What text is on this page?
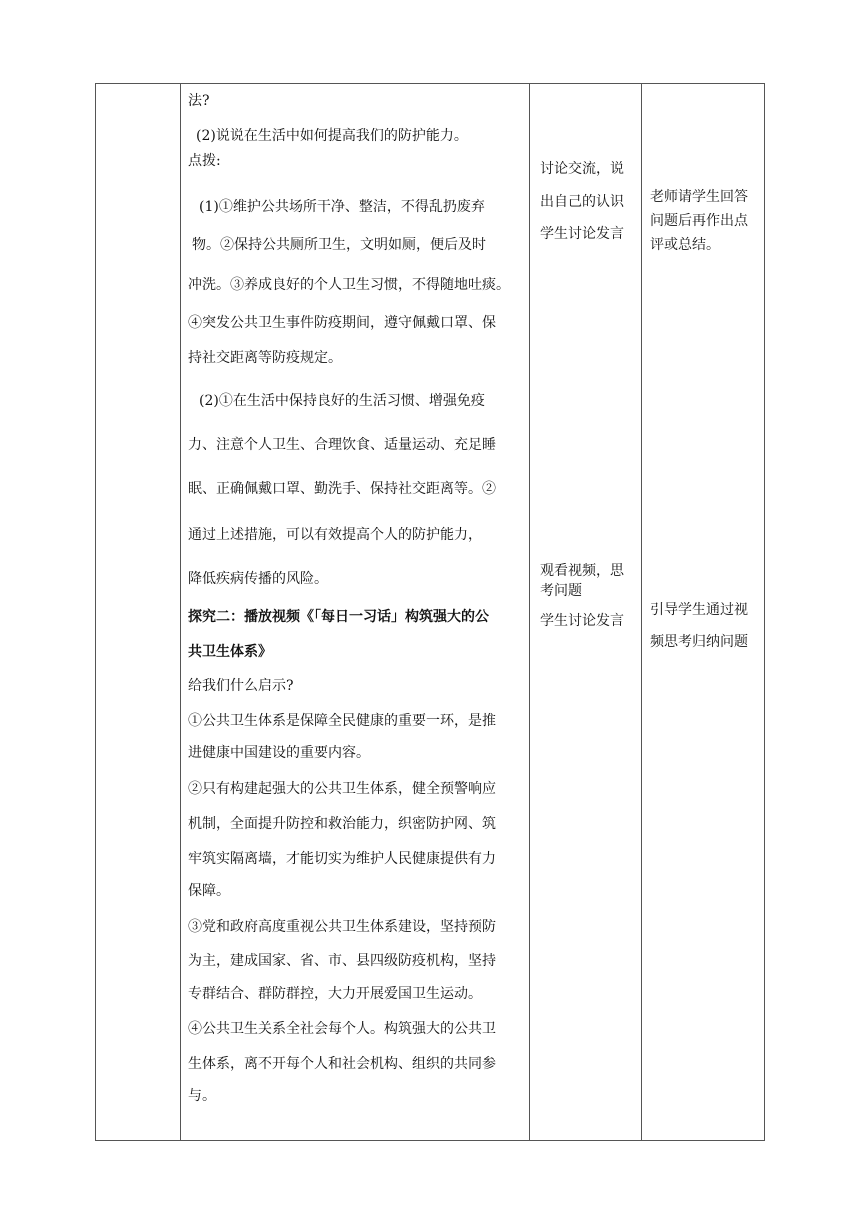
法?
(2)说说在生活中如何提高我们的防护能力。
点拨:
(1)①维护公共场所干净、整洁，不得乱扔废弃
物。②保持公共厕所卫生，文明如厕，便后及时
冲洗。③养成良好的个人卫生习惯，不得随地吐痰。
④突发公共卫生事件防疫期间，遵守佩戴口罩、保
持社交距离等防疫规定。
(2)①在生活中保持良好的生活习惯、增强免疫
力、注意个人卫生、合理饮食、适量运动、充足睡
眠、正确佩戴口罩、勤洗手、保持社交距离等。②
通过上述措施，可以有效提高个人的防护能力，
降低疾病传播的风险。
探究二：播放视频《「每日一习话」构筑强大的公
共卫生体系》
给我们什么启示?
①公共卫生体系是保障全民健康的重要一环，是推
进健康中国建设的重要内容。
②只有构建起强大的公共卫生体系，健全预警响应
机制，全面提升防控和救治能力，织密防护网、筑
牢筑实隔离墙，才能切实为维护人民健康提供有力
保障。
③党和政府高度重视公共卫生体系建设，坚持预防
为主，建成国家、省、市、县四级防疫机构，坚持
专群结合、群防群控，大力开展爱国卫生运动。
④公共卫生关系全社会每个人。构筑强大的公共卫
生体系，离不开每个人和社会机构、组织的共同参
与。
讨论交流，说
出自己的认识
学生讨论发言
观看视频，思
考问题
学生讨论发言
老师请学生回答
问题后再作出点
评或总结。
引导学生通过视
频思考归纳问题
